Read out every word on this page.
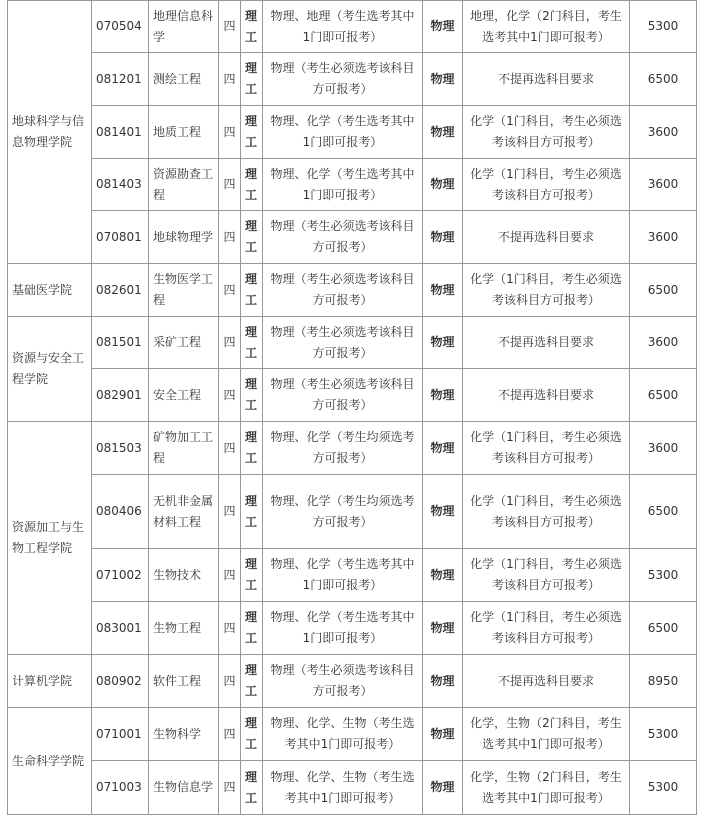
地球科学与信息物理学院	070504	地理信息科学	四	理工	物理、地理（考生选考其中1门即可报考）	物理	地理，化学（2门科目，考生选考其中1门即可报考）	5300
	081201	测绘工程	四	理工	物理（考生必须选考该科目方可报考）	物理	不提再选科目要求	6500
	081401	地质工程	四	理工	物理、化学（考生选考其中1门即可报考）	物理	化学（1门科目，考生必须选考该科目方可报考）	3600
	081403	资源勘查工程	四	理工	物理、化学（考生选考其中1门即可报考）	物理	化学（1门科目，考生必须选考该科目方可报考）	3600
	070801	地球物理学	四	理工	物理（考生必须选考该科目方可报考）	物理	不提再选科目要求	3600
基础医学院	082601	生物医学工程	四	理工	物理（考生必须选考该科目方可报考）	物理	化学（1门科目，考生必须选考该科目方可报考）	6500
资源与安全工程学院	081501	采矿工程	四	理工	物理（考生必须选考该科目方可报考）	物理	不提再选科目要求	3600
	082901	安全工程	四	理工	物理（考生必须选考该科目方可报考）	物理	不提再选科目要求	6500
资源加工与生物工程学院	081503	矿物加工工程	四	理工	物理、化学（考生均须选考方可报考）	物理	化学（1门科目，考生必须选考该科目方可报考）	3600
	080406	无机非金属材料工程	四	理工	物理、化学（考生均须选考方可报考）	物理	化学（1门科目，考生必须选考该科目方可报考）	6500
	071002	生物技术	四	理工	物理、化学（考生选考其中1门即可报考）	物理	化学（1门科目，考生必须选考该科目方可报考）	5300
	083001	生物工程	四	理工	物理、化学（考生选考其中1门即可报考）	物理	化学（1门科目，考生必须选考该科目方可报考）	6500
计算机学院	080902	软件工程	四	理工	物理（考生必须选考该科目方可报考）	物理	不提再选科目要求	8950
生命科学学院	071001	生物科学	四	理工	物理、化学、生物（考生选考其中1门即可报考）	物理	化学，生物（2门科目，考生选考其中1门即可报考）	5300
	071003	生物信息学	四	理工	物理、化学、生物（考生选考其中1门即可报考）	物理	化学，生物（2门科目，考生选考其中1门即可报考）	5300
